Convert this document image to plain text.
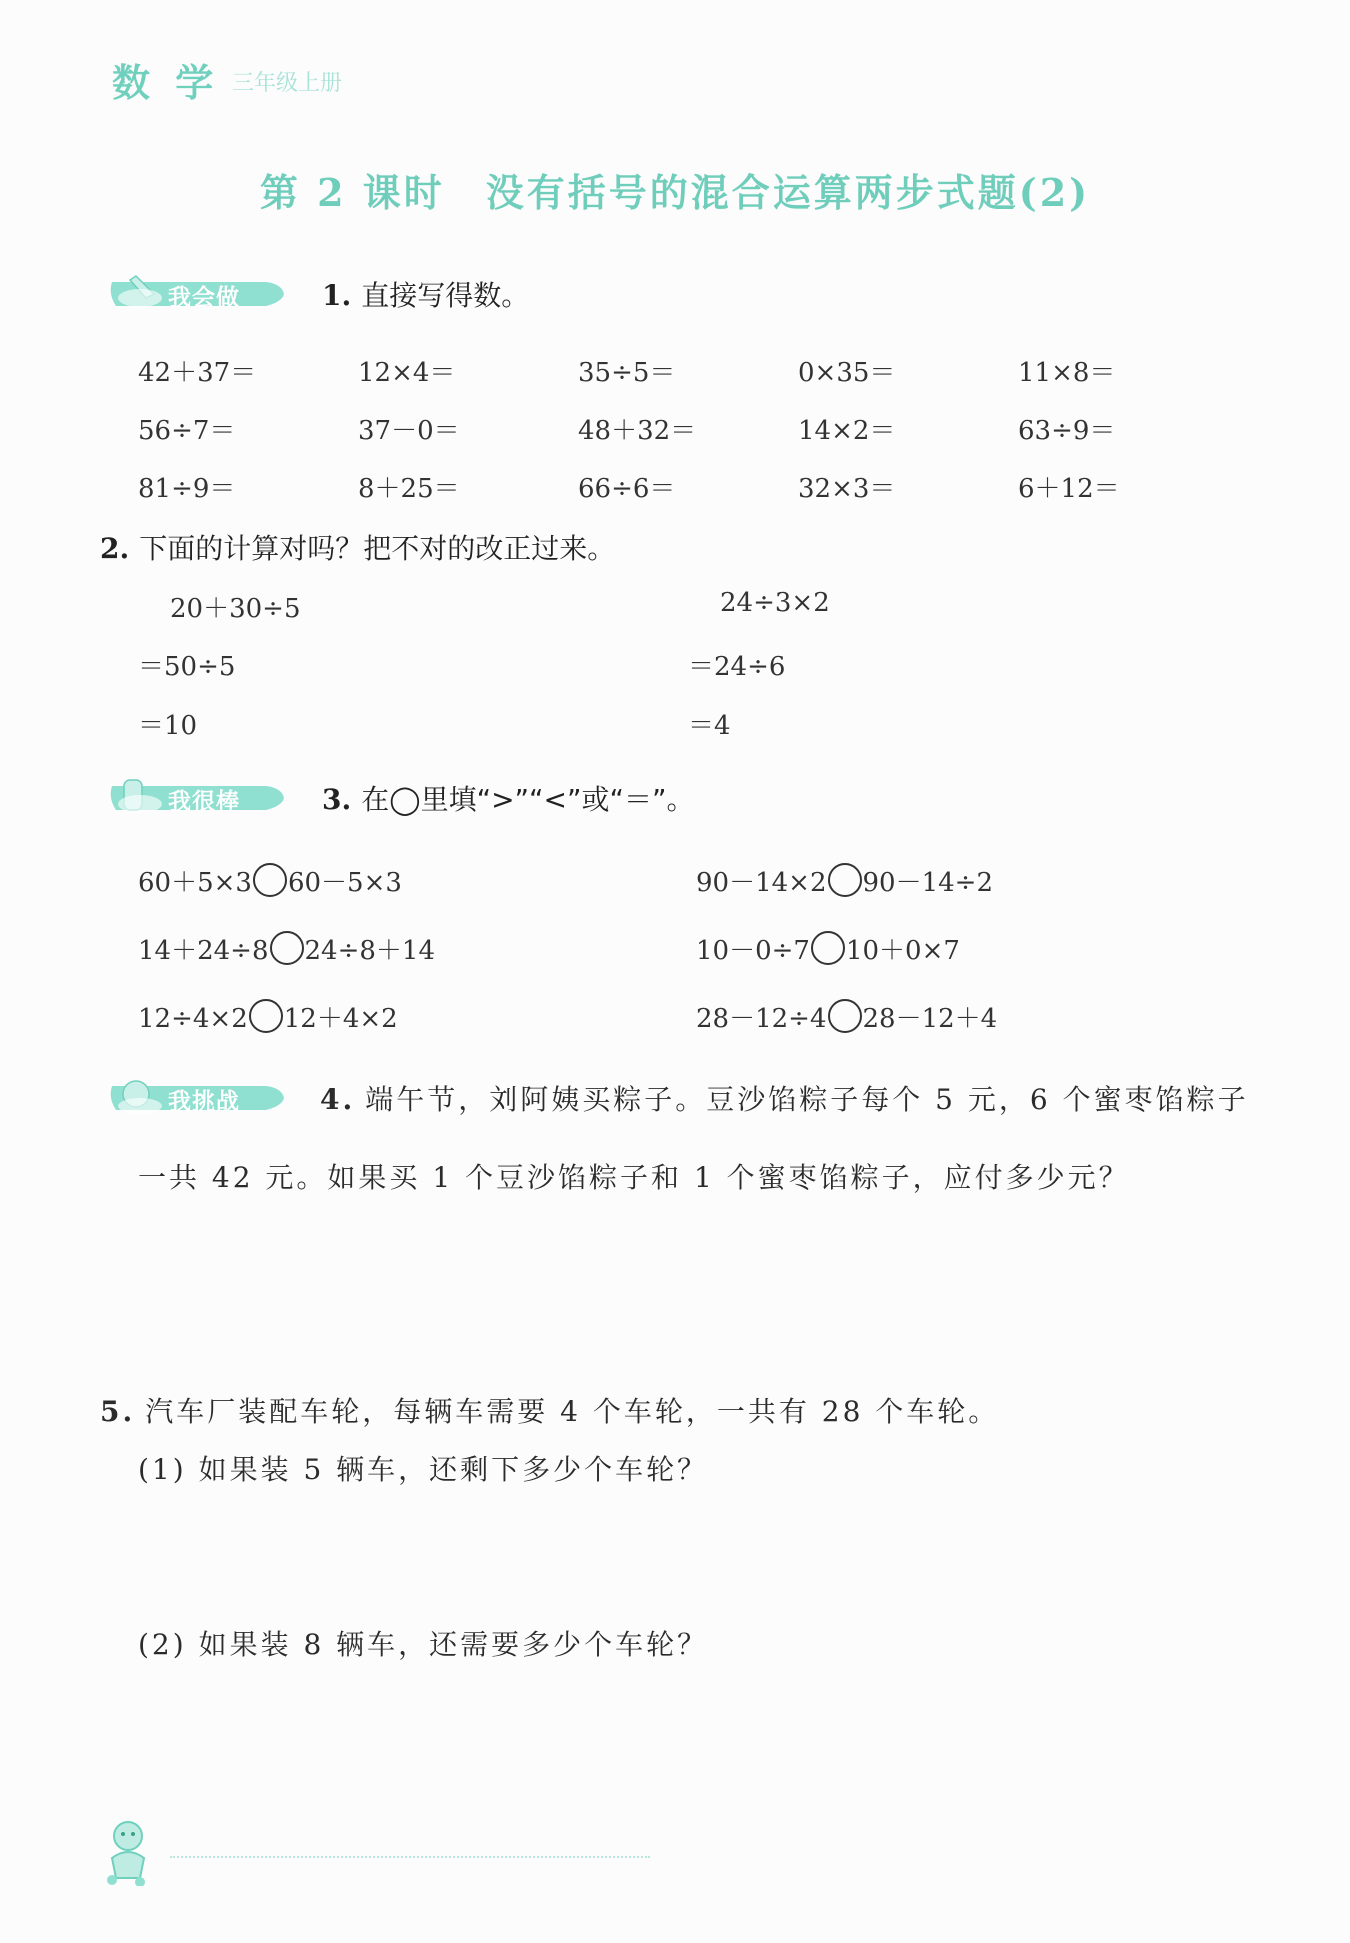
数 学 三年级上册
第 2 课时　没有括号的混合运算两步式题(2)
我会做	1. 直接写得数。
42＋37＝	12×4＝	35÷5＝	0×35＝	11×8＝
56÷7＝	37－0＝	48＋32＝	14×2＝	63÷9＝
81÷9＝	8＋25＝	66÷6＝	32×3＝	6＋12＝
2. 下面的计算对吗？把不对的改正过来。
20＋30÷5
＝50÷5
＝10
24÷3×2
＝24÷6
＝4
我很棒	3. 在◯里填“>”“<”或“＝”。
60＋5×3 60－5×3	90－14×2 90－14÷2
14＋24÷8 24÷8＋14	10－0÷7 10＋0×7
12÷4×2 12＋4×2	28－12÷4 28－12＋4
我挑战	4. 端午节，刘阿姨买粽子。豆沙馅粽子每个 5 元，6 个蜜枣馅粽子
一共 42 元。如果买 1 个豆沙馅粽子和 1 个蜜枣馅粽子，应付多少元？
5. 汽车厂装配车轮，每辆车需要 4 个车轮，一共有 28 个车轮。
(1) 如果装 5 辆车，还剩下多少个车轮？
(2) 如果装 8 辆车，还需要多少个车轮？
